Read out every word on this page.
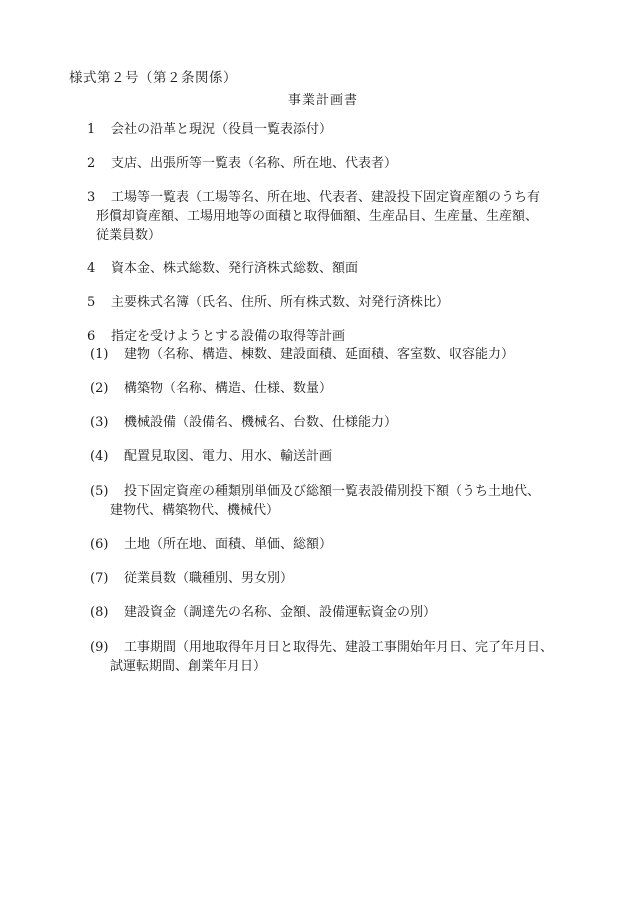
様式第２号（第２条関係）
事業計画書
1 会社の沿革と現況（役員一覧表添付）
2 支店、出張所等一覧表（名称、所在地、代表者）
3 工場等一覧表（工場等名、所在地、代表者、建設投下固定資産額のうち有
形償却資産額、工場用地等の面積と取得価額、生産品目、生産量、生産額、
従業員数）
4 資本金、株式総数、発行済株式総数、額面
5 主要株式名簿（氏名、住所、所有株式数、対発行済株比）
6 指定を受けようとする設備の取得等計画
(1) 建物（名称、構造、棟数、建設面積、延面積、客室数、収容能力）
(2) 構築物（名称、構造、仕様、数量）
(3) 機械設備（設備名、機械名、台数、仕様能力）
(4) 配置見取図、電力、用水、輸送計画
(5) 投下固定資産の種類別単価及び総額一覧表設備別投下額（うち土地代、
建物代、構築物代、機械代）
(6) 土地（所在地、面積、単価、総額）
(7) 従業員数（職種別、男女別）
(8) 建設資金（調達先の名称、金額、設備運転資金の別）
(9) 工事期間（用地取得年月日と取得先、建設工事開始年月日、完了年月日、
試運転期間、創業年月日）
